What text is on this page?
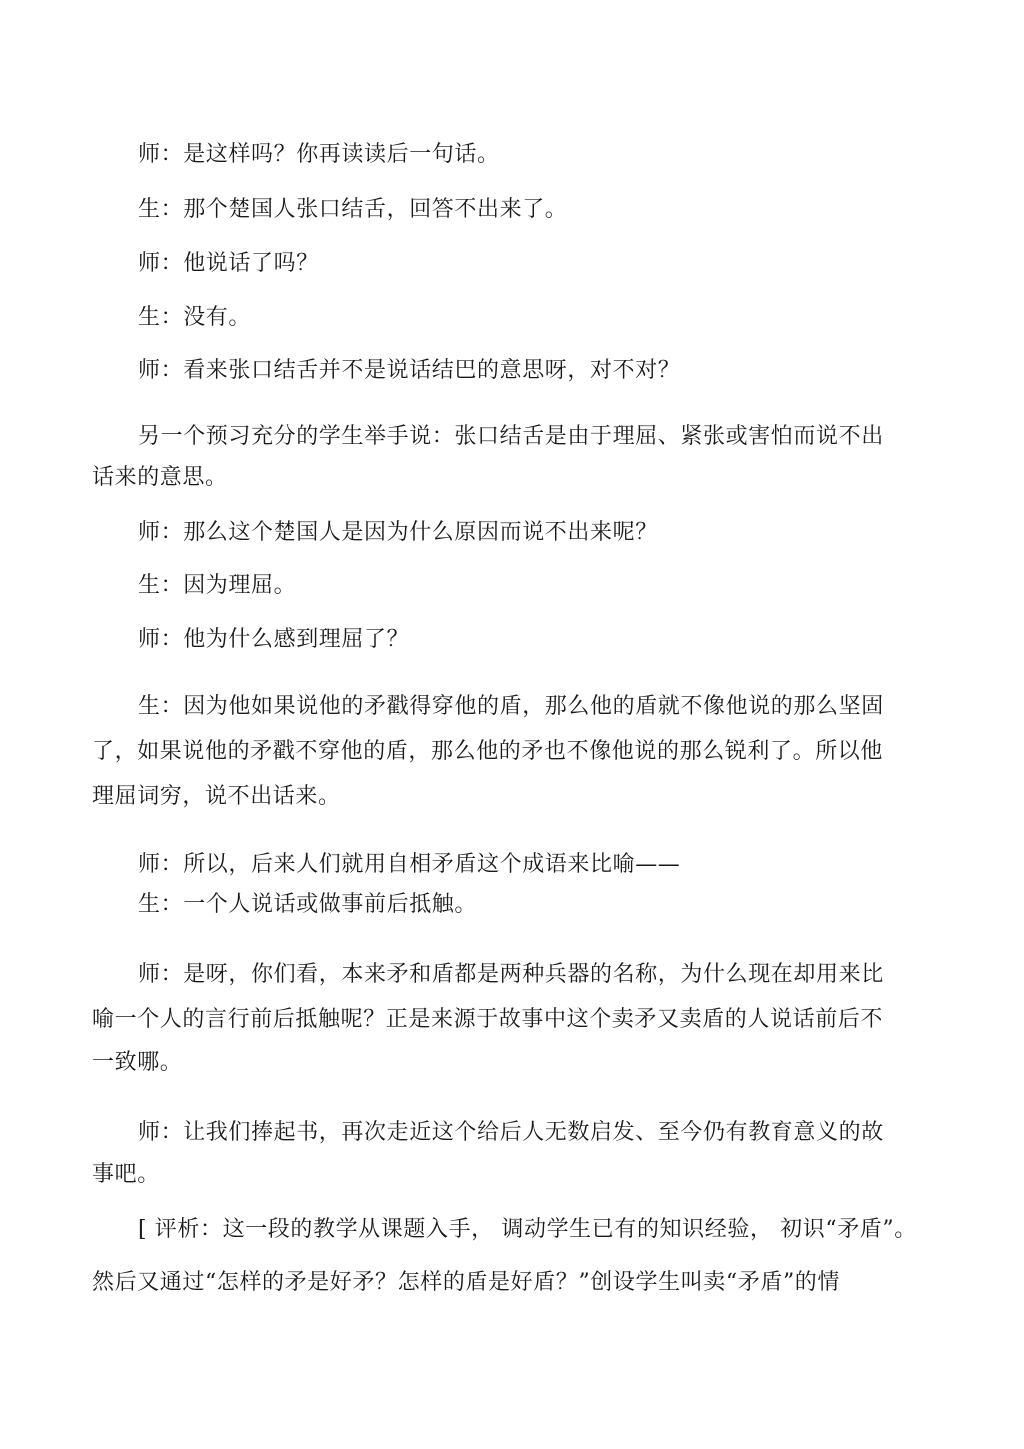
师：是这样吗？你再读读后一句话。
生：那个楚国人张口结舌，回答不出来了。
师：他说话了吗？
生：没有。
师：看来张口结舌并不是说话结巴的意思呀，对不对？
另一个预习充分的学生举手说：张口结舌是由于理屈、紧张或害怕而说不出
话来的意思。
师：那么这个楚国人是因为什么原因而说不出来呢？
生：因为理屈。
师：他为什么感到理屈了？
生：因为他如果说他的矛戳得穿他的盾，那么他的盾就不像他说的那么坚固
了，如果说他的矛戳不穿他的盾，那么他的矛也不像他说的那么锐利了。所以他
理屈词穷，说不出话来。
师：所以，后来人们就用自相矛盾这个成语来比喻——
生：一个人说话或做事前后抵触。
师：是呀，你们看，本来矛和盾都是两种兵器的名称，为什么现在却用来比
喻一个人的言行前后抵触呢？正是来源于故事中这个卖矛又卖盾的人说话前后不
一致哪。
师：让我们捧起书，再次走近这个给后人无数启发、至今仍有教育意义的故
事吧。
[ 评析：这一段的教学从课题入手， 调动学生已有的知识经验， 初识“矛盾”。
然后又通过“怎样的矛是好矛？怎样的盾是好盾？”创设学生叫卖“矛盾”的情
